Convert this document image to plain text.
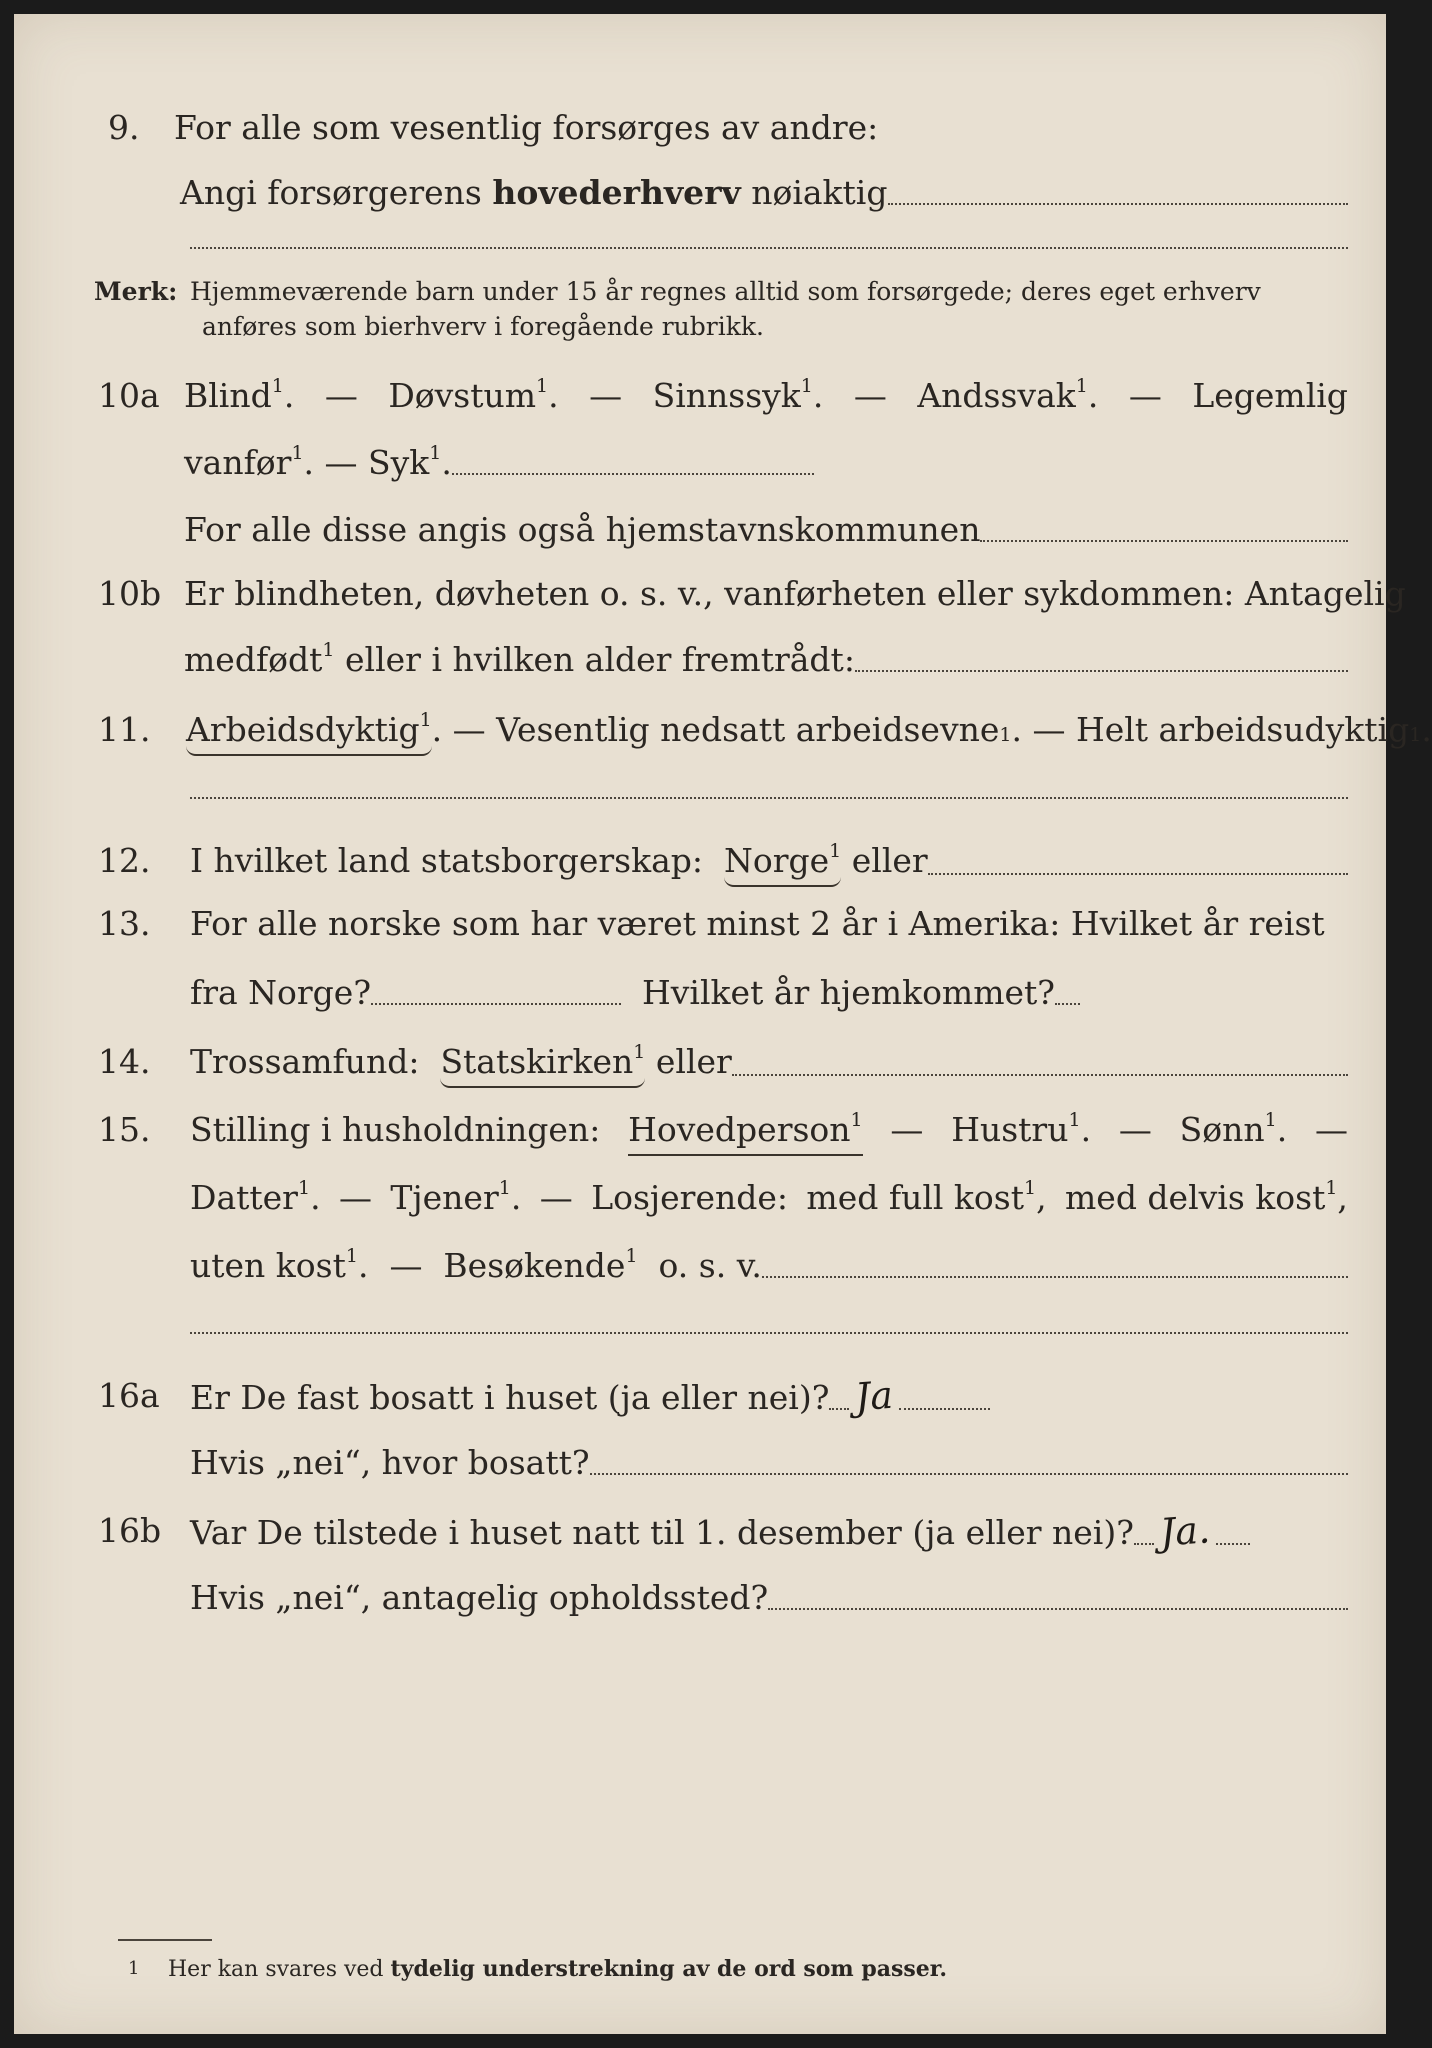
9. For alle som vesentlig forsørges av andre:
Angi forsørgerens
hovederhverv
nøiaktig
Merk: Hjemmeværende barn under 15 år regnes alltid som forsørgede; deres eget erhverv
anføres som bierhverv i foregående rubrikk.
10a Blind$^1$. — Døvstum$^1$. — Sinnssyk$^1$. — Andssvak$^1$. — Legemlig
vanfør$^1$.
—
Syk$^1$.
For alle disse angis også hjemstavnskommunen
10b Er blindheten, døvheten o. s. v., vanførheten eller sykdommen: Antagelig
medfødt$^1$
eller i hvilken alder fremtrådt:
11. Arbeidsdyktig$^1$ . — Vesentlig nedsatt arbeidsevne 1 . — Helt arbeidsudyktig 1 .
12. I hvilket land statsborgerskap:
Norge$^1$
eller
13. For alle norske som har været minst 2 år i Amerika: Hvilket år reist
fra Norge?
	Hvilket år hjemkommet?
14. Trossamfund:
Statskirken$^1$
eller
15. Stilling i husholdningen: Hovedperson$^1$ — Hustru$^1$. — Sønn$^1$. —
Datter$^1$. — Tjener$^1$. — Losjerende: med full kost$^1$, med delvis kost$^1$,
uten kost$^1$.
—
Besøkende$^1$
o. s. v.
16a Er De fast bosatt i huset (ja eller nei)? Ja
Hvis „nei“, hvor bosatt?
16b Var De tilstede i huset natt til 1. desember (ja eller nei)? Ja.
Hvis „nei“, antagelig opholdssted?
1 Her kan svares ved tydelig understrekning av de ord som passer.
